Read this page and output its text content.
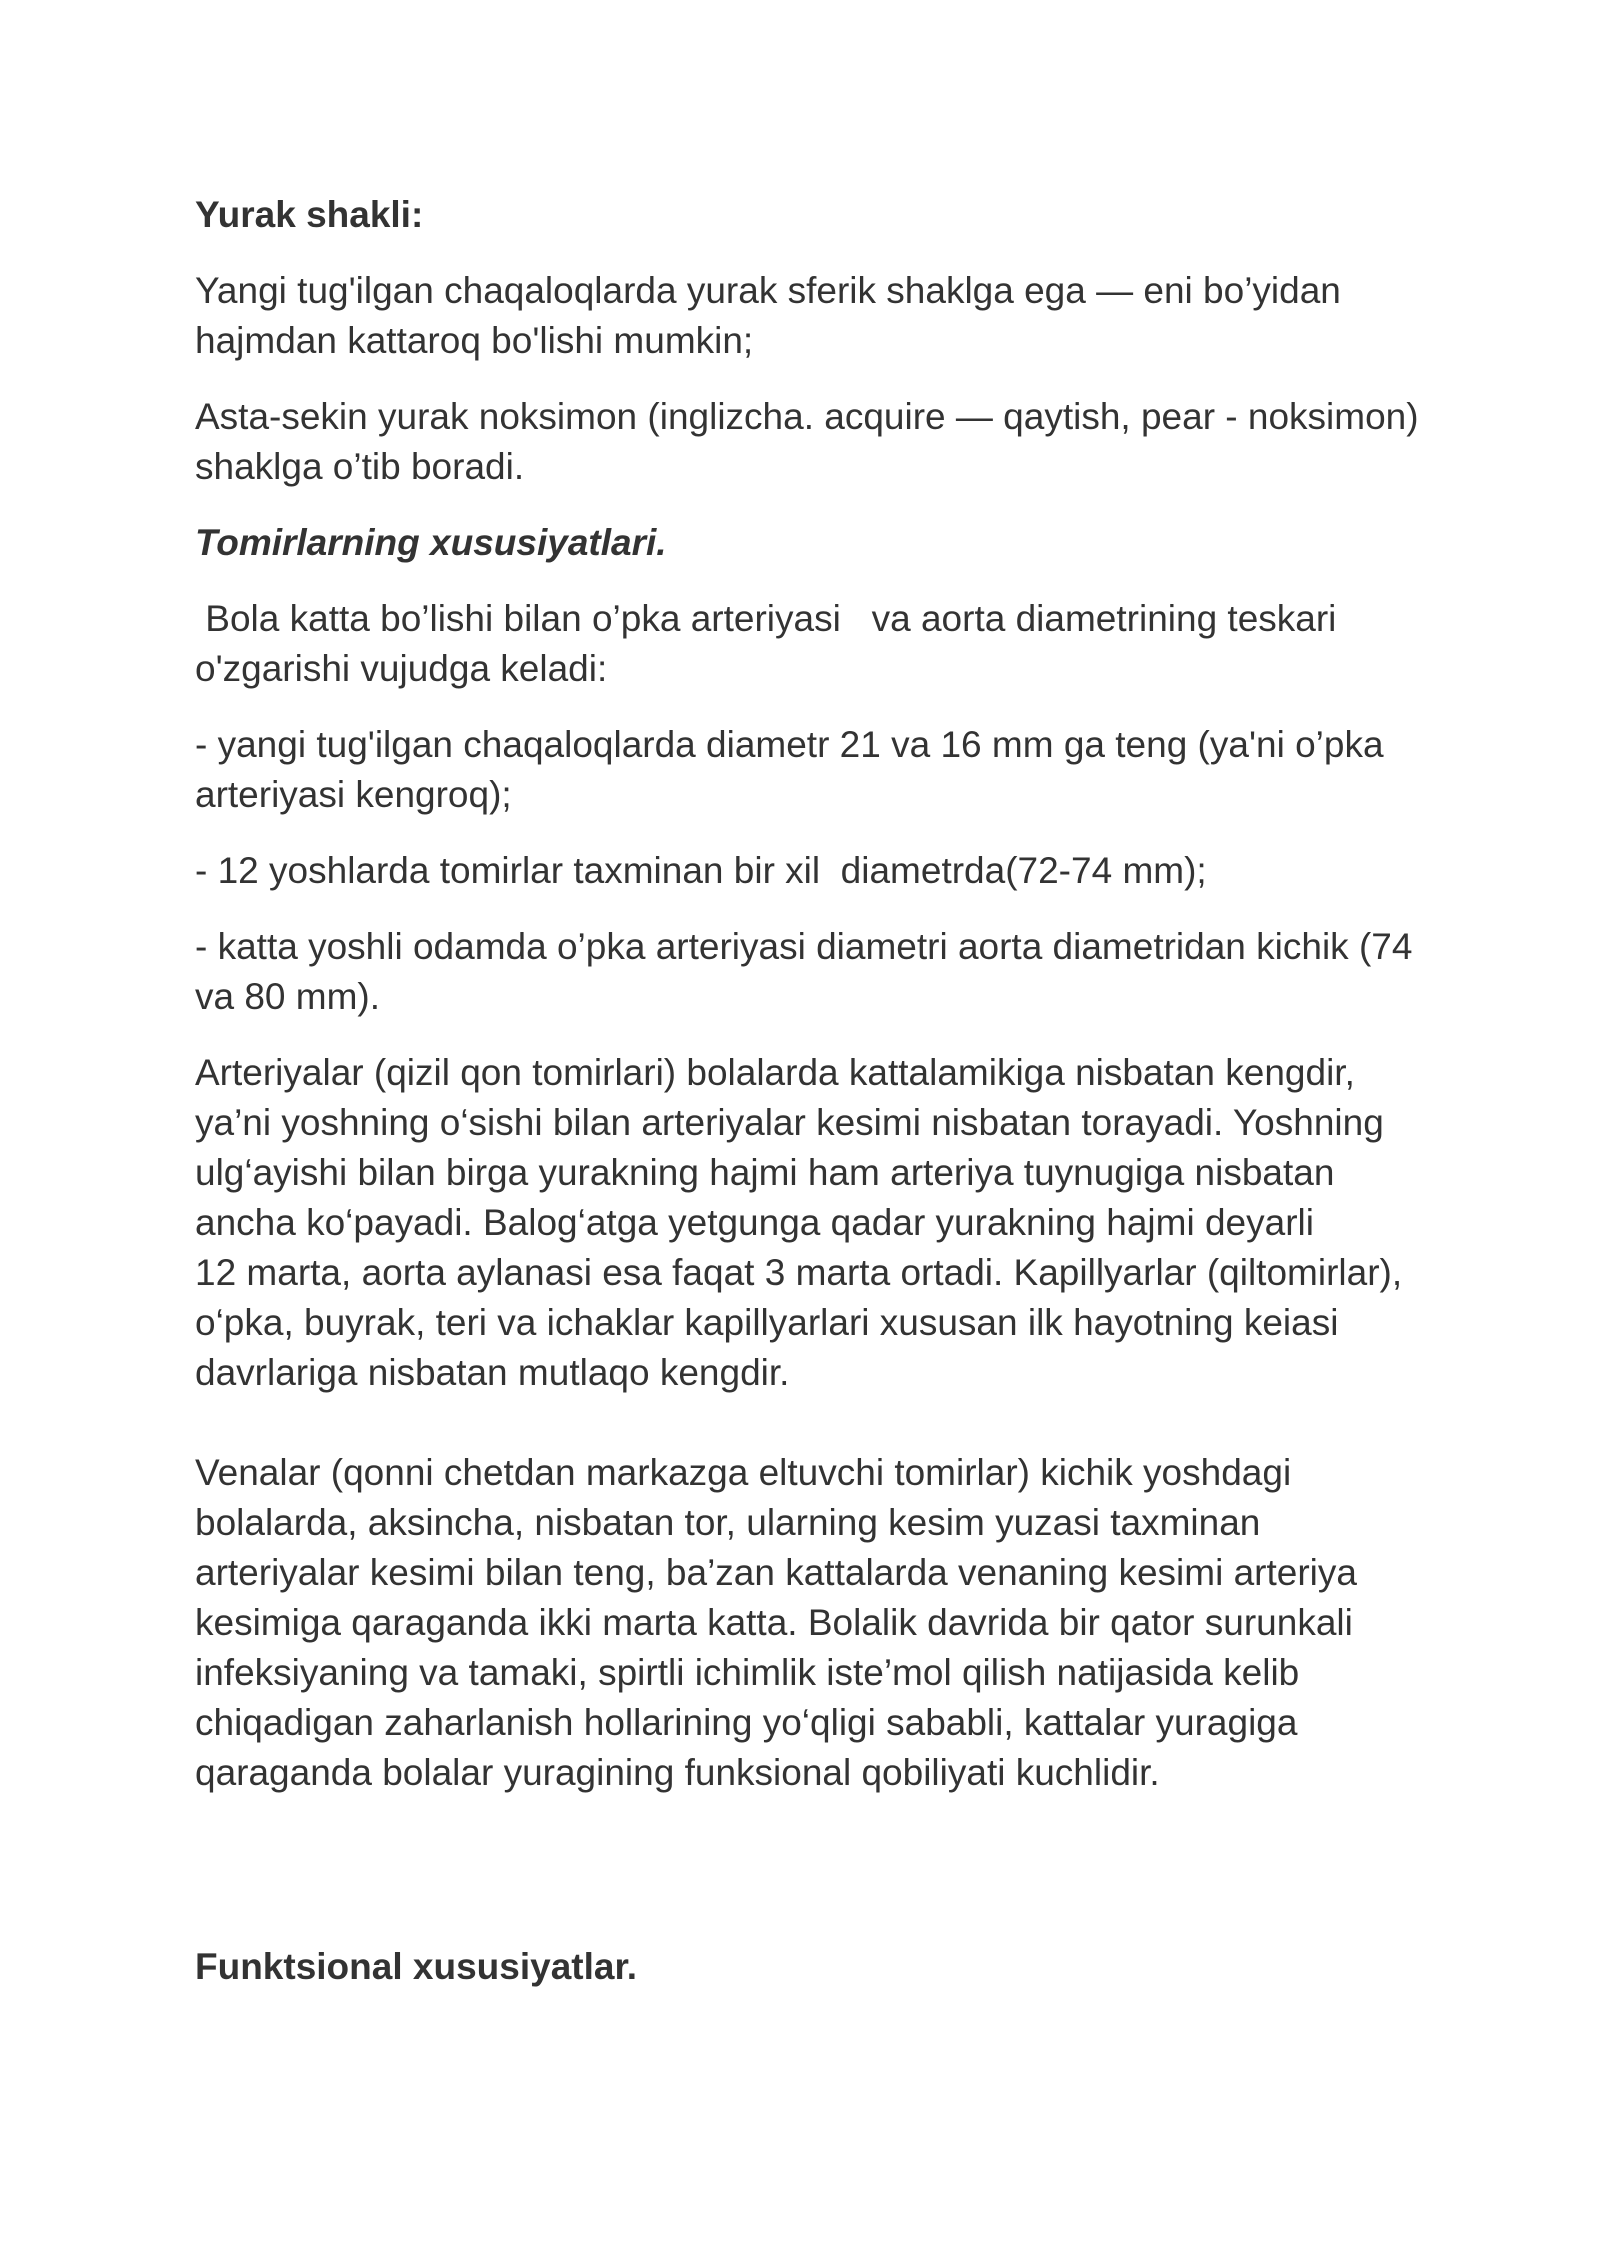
Yurak shakli:

Yangi tug'ilgan chaqaloqlarda yurak sferik shaklga ega — eni bo’yidan hajmdan kattaroq bo'lishi mumkin;

Asta-sekin yurak noksimon (inglizcha. acquire — qaytish, pear - noksimon) shaklga o’tib boradi.

Tomirlarning xususiyatlari.

Bola katta bo’lishi bilan o’pka arteriyasi   va aorta diametrining teskari o'zgarishi vujudga keladi:

- yangi tug'ilgan chaqaloqlarda diametr 21 va 16 mm ga teng (ya'ni o’pka arteriyasi kengroq);

- 12 yoshlarda tomirlar taxminan bir xil  diametrda(72-74 mm);

- katta yoshli odamda o’pka arteriyasi diametri aorta diametridan kichik (74 va 80 mm).

Arteriyalar (qizil qon tomirlari) bolalarda kattalamikiga nisbatan kengdir, ya’ni yoshning o‘sishi bilan arteriyalar kesimi nisbatan torayadi. Yoshning ulg‘ayishi bilan birga yurakning hajmi ham arteriya tuynugiga nisbatan ancha ko‘payadi. Balog‘atga yetgunga qadar yurakning hajmi deyarli

12 marta, aorta aylanasi esa faqat 3 marta ortadi. Kapillyarlar (qiltomirlar), o‘pka, buyrak, teri va ichaklar kapillyarlari xususan ilk hayotning keiasi davrlariga nisbatan mutlaqo kengdir.

Venalar (qonni chetdan markazga eltuvchi tomirlar) kichik yoshdagi bolalarda, aksincha, nisbatan tor, ularning kesim yuzasi taxminan arteriyalar kesimi bilan teng, ba’zan kattalarda venaning kesimi arteriya kesimiga qaraganda ikki marta katta. Bolalik davrida bir qator surunkali infeksiyaning va tamaki, spirtli ichimlik iste’mol qilish natijasida kelib chiqadigan zaharlanish hollarining yo‘qligi sababli, kattalar yuragiga qaraganda bolalar yuragining funksional qobiliyati kuchlidir.

Funktsional xususiyatlar.
